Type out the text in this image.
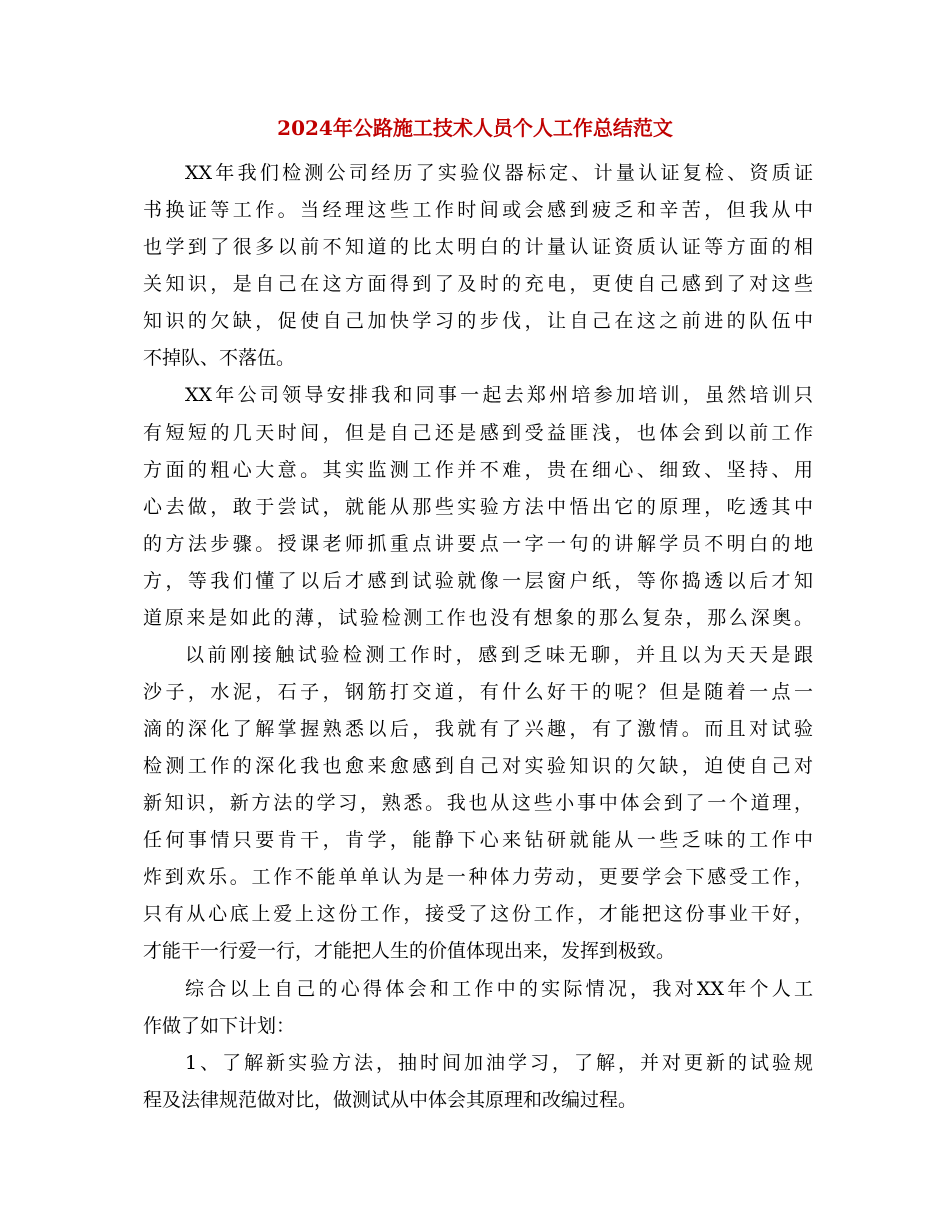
2024年公路施工技术人员个人工作总结范文
XX年我们检测公司经历了实验仪器标定、计量认证复检、资质证
书换证等工作。当经理这些工作时间或会感到疲乏和辛苦，但我从中
也学到了很多以前不知道的比太明白的计量认证资质认证等方面的相
关知识，是自己在这方面得到了及时的充电，更使自己感到了对这些
知识的欠缺，促使自己加快学习的步伐，让自己在这之前进的队伍中
不掉队、不落伍。
XX年公司领导安排我和同事一起去郑州培参加培训，虽然培训只
有短短的几天时间，但是自己还是感到受益匪浅，也体会到以前工作
方面的粗心大意。其实监测工作并不难，贵在细心、细致、坚持、用
心去做，敢于尝试，就能从那些实验方法中悟出它的原理，吃透其中
的方法步骤。授课老师抓重点讲要点一字一句的讲解学员不明白的地
方，等我们懂了以后才感到试验就像一层窗户纸，等你捣透以后才知
道原来是如此的薄，试验检测工作也没有想象的那么复杂，那么深奥。
以前刚接触试验检测工作时，感到乏味无聊，并且以为天天是跟
沙子，水泥，石子，钢筋打交道，有什么好干的呢？但是随着一点一
滴的深化了解掌握熟悉以后，我就有了兴趣，有了激情。而且对试验
检测工作的深化我也愈来愈感到自己对实验知识的欠缺，迫使自己对
新知识，新方法的学习，熟悉。我也从这些小事中体会到了一个道理，
任何事情只要肯干，肯学，能静下心来钻研就能从一些乏味的工作中
炸到欢乐。工作不能单单认为是一种体力劳动，更要学会下感受工作，
只有从心底上爱上这份工作，接受了这份工作，才能把这份事业干好，
才能干一行爱一行，才能把人生的价值体现出来，发挥到极致。
综合以上自己的心得体会和工作中的实际情况，我对XX年个人工
作做了如下计划：
1、了解新实验方法，抽时间加油学习，了解，并对更新的试验规
程及法律规范做对比，做测试从中体会其原理和改编过程。
